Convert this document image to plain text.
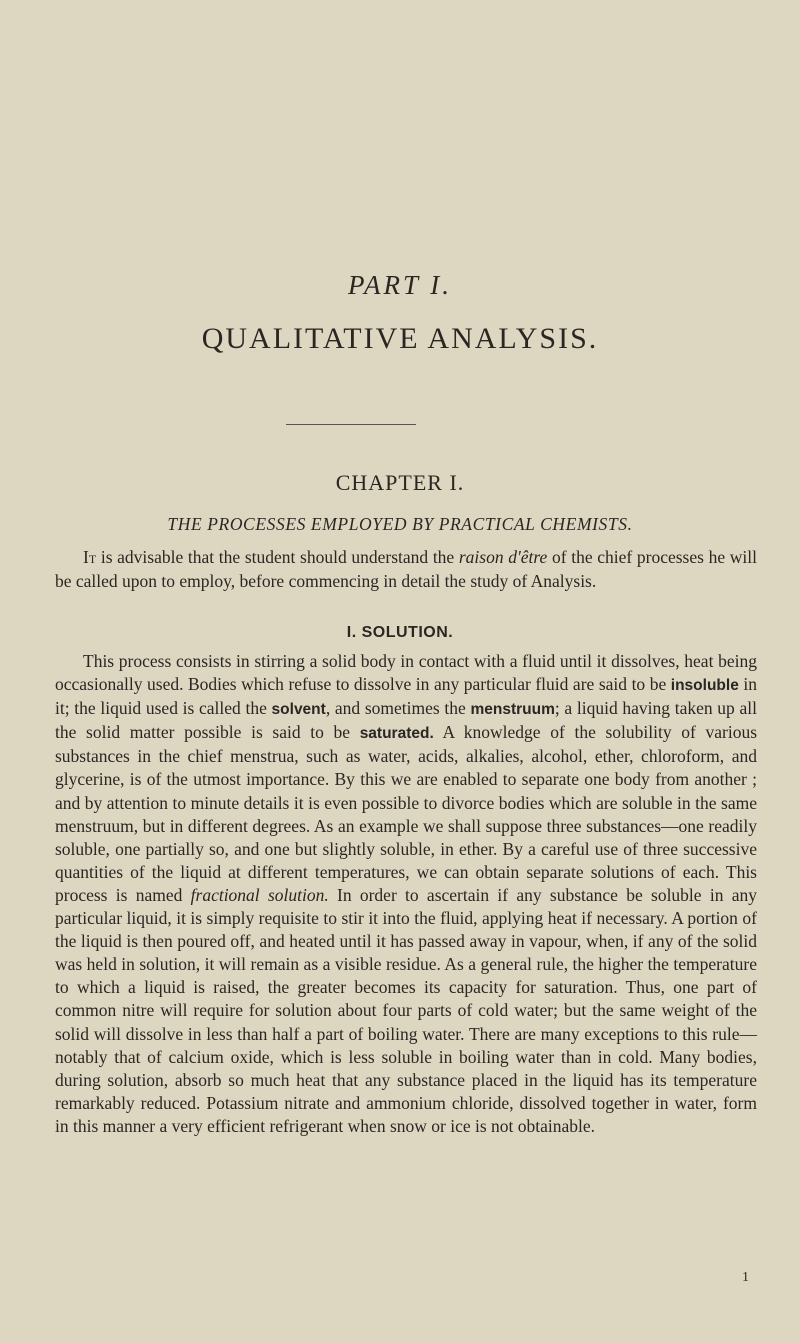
PART I.
QUALITATIVE ANALYSIS.
CHAPTER I.
THE PROCESSES EMPLOYED BY PRACTICAL CHEMISTS.

It is advisable that the student should understand the raison d'être of the chief processes he will be called upon to employ, before commencing in detail the study of Analysis.

I. SOLUTION.

This process consists in stirring a solid body in contact with a fluid until it dissolves, heat being occasionally used. Bodies which refuse to dissolve in any particular fluid are said to be insoluble in it; the liquid used is called the solvent, and sometimes the menstruum; a liquid having taken up all the solid matter possible is said to be saturated. A knowledge of the solubility of various substances in the chief menstrua, such as water, acids, alkalies, alcohol, ether, chloroform, and glycerine, is of the utmost importance. By this we are enabled to separate one body from another ; and by attention to minute details it is even possible to divorce bodies which are soluble in the same menstruum, but in different degrees. As an example we shall suppose three substances—one readily soluble, one partially so, and one but slightly soluble, in ether. By a careful use of three successive quantities of the liquid at different temperatures, we can obtain separate solutions of each. This process is named fractional solution. In order to ascertain if any substance be soluble in any particular liquid, it is simply requisite to stir it into the fluid, applying heat if necessary. A portion of the liquid is then poured off, and heated until it has passed away in vapour, when, if any of the solid was held in solution, it will remain as a visible residue. As a general rule, the higher the temperature to which a liquid is raised, the greater becomes its capacity for saturation. Thus, one part of common nitre will require for solution about four parts of cold water; but the same weight of the solid will dissolve in less than half a part of boiling water. There are many exceptions to this rule—notably that of calcium oxide, which is less soluble in boiling water than in cold. Many bodies, during solution, absorb so much heat that any substance placed in the liquid has its temperature remarkably reduced. Potassium nitrate and ammonium chloride, dissolved together in water, form in this manner a very efficient refrigerant when snow or ice is not obtainable.

1
